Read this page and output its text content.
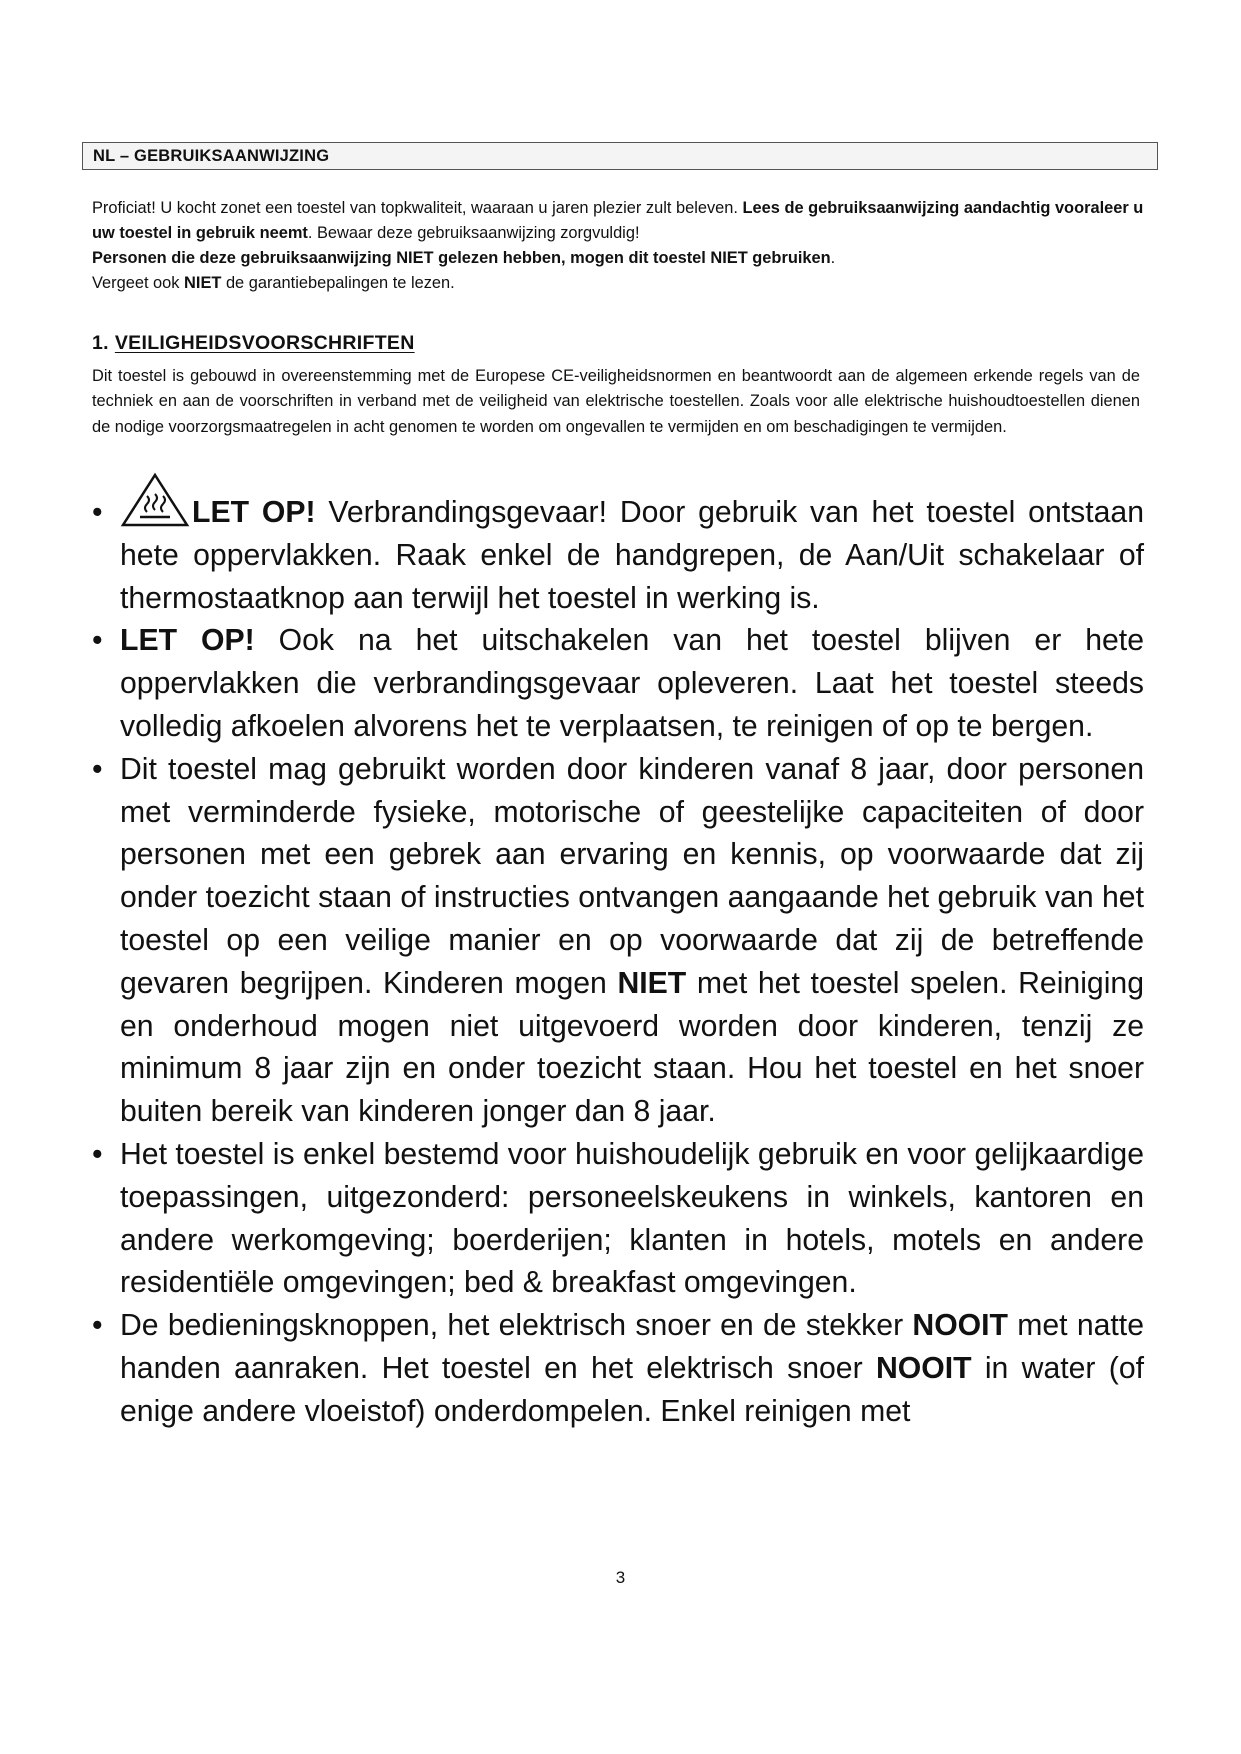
NL – GEBRUIKSAANWIJZING

Proficiat! U kocht zonet een toestel van topkwaliteit, waaraan u jaren plezier zult beleven. Lees de gebruiksaanwijzing aandachtig vooraleer u uw toestel in gebruik neemt. Bewaar deze gebruiksaanwijzing zorgvuldig!

Personen die deze gebruiksaanwijzing NIET gelezen hebben, mogen dit toestel NIET gebruiken.

Vergeet ook NIET de garantiebepalingen te lezen.

1. VEILIGHEIDSVOORSCHRIFTEN
Dit toestel is gebouwd in overeenstemming met de Europese CE-veiligheidsnormen en beantwoordt aan de algemeen erkende regels van de techniek en aan de voorschriften in verband met de veiligheid van elektrische toestellen. Zoals voor alle elektrische huishoudtoestellen dienen de nodige voorzorgsmaatregelen in acht genomen te worden om ongevallen te vermijden en om beschadigingen te vermijden.
•	LET OP! Verbrandingsgevaar! Door gebruik van het toestel ontstaan hete oppervlakken. Raak enkel de handgrepen, de Aan/Uit schakelaar of thermostaatknop aan terwijl het toestel in werking is.
• LET OP! Ook na het uitschakelen van het toestel blijven er hete oppervlakken die verbrandingsgevaar opleveren. Laat het toestel steeds volledig afkoelen alvorens het te verplaatsen, te reinigen of op te bergen.
• Dit toestel mag gebruikt worden door kinderen vanaf 8 jaar, door personen met verminderde fysieke, motorische of geestelijke capaciteiten of door personen met een gebrek aan ervaring en kennis, op voorwaarde dat zij onder toezicht staan of instructies ontvangen aangaande het gebruik van het toestel op een veilige manier en op voorwaarde dat zij de betreffende gevaren begrijpen. Kinderen mogen NIET met het toestel spelen. Reiniging en onderhoud mogen niet uitgevoerd worden door kinderen, tenzij ze minimum 8 jaar zijn en onder toezicht staan. Hou het toestel en het snoer buiten bereik van kinderen jonger dan 8 jaar.
• Het toestel is enkel bestemd voor huishoudelijk gebruik en voor gelijkaardige toepassingen, uitgezonderd: personeelskeukens in winkels, kantoren en andere werkomgeving; boerderijen; klanten in hotels, motels en andere residentiële omgevingen; bed & breakfast omgevingen.
• De bedieningsknoppen, het elektrisch snoer en de stekker NOOIT met natte handen aanraken. Het toestel en het elektrisch snoer NOOIT in water (of enige andere vloeistof) onderdompelen. Enkel reinigen met
3
